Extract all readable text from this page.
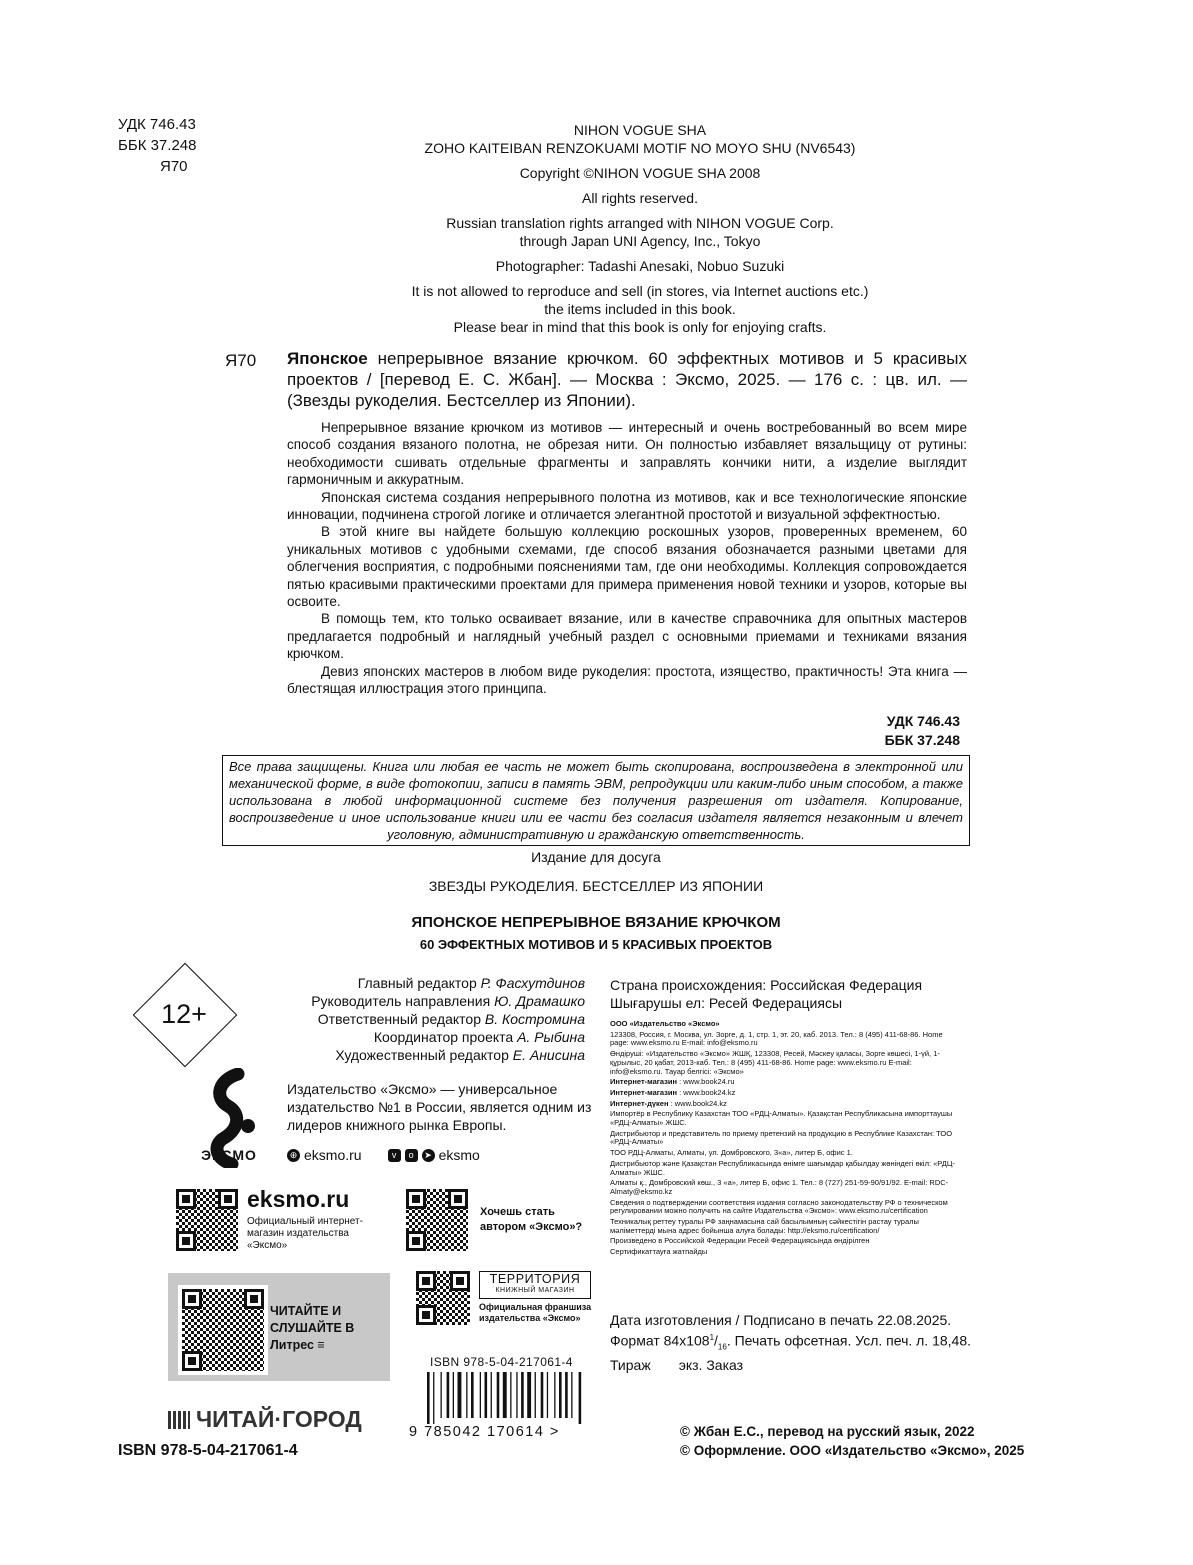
УДК 746.43
ББК 37.248
Я70

NIHON VOGUE SHA
ZOHO KAITEIBAN RENZOKUAMI MOTIF NO MOYO SHU (NV6543)

Copyright ©NIHON VOGUE SHA 2008

All rights reserved.

Russian translation rights arranged with NIHON VOGUE Corp.
through Japan UNI Agency, Inc., Tokyo

Photographer: Tadashi Anesaki, Nobuo Suzuki

It is not allowed to reproduce and sell (in stores, via Internet auctions etc.)
the items included in this book.
Please bear in mind that this book is only for enjoying crafts.

Я70 Японское непрерывное вязание крючком. 60 эффектных мотивов и 5 красивых проектов / [перевод Е. С. Жбан]. — Москва : Эксмо, 2025. — 176 с. : цв. ил. — (Звезды рукоделия. Бестселлер из Японии).

Непрерывное вязание крючком из мотивов — интересный и очень востребованный во всем мире способ создания вязаного полотна, не обрезая нити. Он полностью избавляет вязальщицу от рутины: необходимости сшивать отдельные фрагменты и заправлять кончики нити, а изделие выглядит гармоничным и аккуратным.

Японская система создания непрерывного полотна из мотивов, как и все технологические японские инновации, подчинена строгой логике и отличается элегантной простотой и визуальной эффектностью.

В этой книге вы найдете большую коллекцию роскошных узоров, проверенных временем, 60 уникальных мотивов с удобными схемами, где способ вязания обозначается разными цветами для облегчения восприятия, с подробными пояснениями там, где они необходимы. Коллекция сопровождается пятью красивыми практическими проектами для примера применения новой техники и узоров, которые вы освоите.

В помощь тем, кто только осваивает вязание, или в качестве справочника для опытных мастеров предлагается подробный и наглядный учебный раздел с основными приемами и техниками вязания крючком.

Девиз японских мастеров в любом виде рукоделия: простота, изящество, практичность! Эта книга — блестящая иллюстрация этого принципа.

УДК 746.43
ББК 37.248
Все права защищены. Книга или любая ее часть не может быть скопирована, воспроизведена в электронной или механической форме, в виде фотокопии, записи в память ЭВМ, репродукции или каким-либо иным способом, а также использована в любой информационной системе без получения разрешения от издателя. Копирование, воспроизведение и иное использование книги или ее части без согласия издателя является незаконным и влечет уголовную, административную и гражданскую ответственность.
Издание для досуга
ЗВЕЗДЫ РУКОДЕЛИЯ. БЕСТСЕЛЛЕР ИЗ ЯПОНИИ
ЯПОНСКОЕ НЕПРЕРЫВНОЕ ВЯЗАНИЕ КРЮЧКОМ
60 ЭФФЕКТНЫХ МОТИВОВ И 5 КРАСИВЫХ ПРОЕКТОВ
12+
Главный редактор Р. Фасхутдинов
Руководитель направления Ю. Драмашко
Ответственный редактор В. Костромина
Координатор проекта А. Рыбина
Художественный редактор Е. Анисина
ЭКСМО
Издательство «Эксмо» — универсальное издательство №1 в России, является одним из лидеров книжного рынка Европы.
⊕ eksmo.ru	v	o	➤ eksmo
eksmo.ru
Официальный интернет-магазин издательства «Эксмо»
Хочешь стать автором «Эксмо»?
ЧИТАЙТЕ И СЛУШАЙТЕ В Литрес ≡
ТЕРРИТОРИЯ
КНИЖНЫЙ МАГАЗИН
Официальная франшиза издательства «Эксмо»
ЧИТАЙ·ГОРОД
ISBN 978-5-04-217061-4
ISBN 978-5-04-217061-4
9 785042 170614 >
Страна происхождения: Российская Федерация
Шығарушы ел: Ресей Федерациясы

ООО «Издательство «Эксмо»

123308, Россия, г. Москва, ул. Зорге, д. 1, стр. 1, эт. 20, каб. 2013. Тел.: 8 (495) 411-68-86. Home page: www.eksmo.ru E-mail: info@eksmo.ru

Өндіруші: «Издательство «Эксмо» ЖШҚ, 123308, Ресей, Мәскеу қаласы, Зорге көшесі, 1-үй, 1-құрылыс, 20 қабат, 2013-каб. Тел.: 8 (495) 411-68-86. Home page: www.eksmo.ru E-mail: info@eksmo.ru. Тауар белгісі: «Эксмо»

Интернет-магазин : www.book24.ru

Интернет-магазин : www.book24.kz

Интернет-дүкен : www.book24.kz

Импортёр в Республику Казахстан ТОО «РДЦ-Алматы». Қазақстан Республикасына импорттаушы «РДЦ-Алматы» ЖШС.

Дистрибьютор и представитель по приему претензий на продукцию в Республике Казахстан: ТОО «РДЦ-Алматы»

ТОО РДЦ-Алматы, Алматы, ул. Домбровского, 3«а», литер Б, офис 1.

Дистрибьютор және Қазақстан Республикасында өнімге шағымдар қабылдау жөніндегі өкіл: «РДЦ-Алматы» ЖШС.

Алматы қ., Домбровский көш., 3 «а», литер Б, офис 1. Тел.: 8 (727) 251-59-90/91/92. E-mail: RDC-Almaty@eksmo.kz

Сведения о подтверждении соответствия издания согласно законодательству РФ о техническом регулировании можно получить на сайте Издательства «Эксмо»: www.eksmo.ru/certification

Техникалық реттеу туралы РФ заңнамасына сай басылымның сәйкестігін растау туралы мәліметтерді мына адрес бойынша алуға болады: http://eksmo.ru/certification/

Произведено в Российской Федерации Ресей Федерациясында өндірілген

Сертификаттауға жатпайды

Дата изготовления / Подписано в печать 22.08.2025.
Формат $84х108^1/_{16}$. Печать офсетная. Усл. печ. л. 18,48.
Тираж экз. Заказ
© Жбан Е.С., перевод на русский язык, 2022
© Оформление. ООО «Издательство «Эксмо», 2025
